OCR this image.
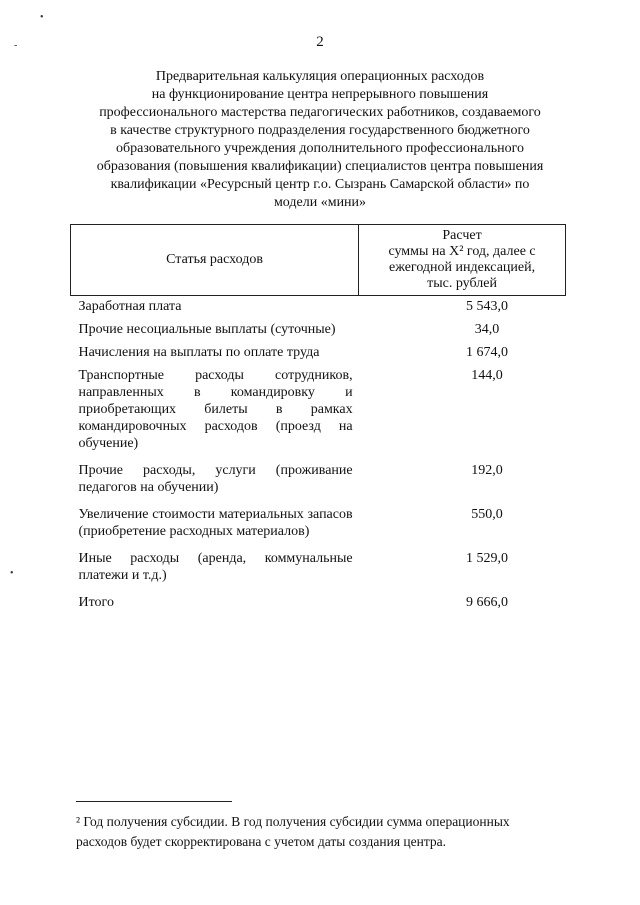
•
-
•
2
Предварительная калькуляция операционных расходов
на функционирование центра непрерывного повышения
профессионального мастерства педагогических работников, создаваемого
в качестве структурного подразделения государственного бюджетного
образовательного учреждения дополнительного профессионального
образования (повышения квалификации) специалистов центра повышения
квалификации «Ресурсный центр г.о. Сызрань Самарской области» по
модели «мини»
Статья расходов	Расчет
суммы на X² год, далее с
ежегодной индексацией,
тыс. рублей

Заработная плата	5 543,0
Прочие несоциальные выплаты (суточные)	34,0
Начисления на выплаты по оплате труда	1 674,0
Транспортные расходы сотрудников, направленных в командировку и приобретающих билеты в рамках командировочных расходов (проезд на обучение)	144,0
Прочие расходы, услуги (проживание педагогов на обучении)	192,0
Увеличение стоимости материальных запасов (приобретение расходных материалов)	550,0
Иные расходы (аренда, коммунальные платежи и т.д.)	1 529,0
Итого	9 666,0
² Год получения субсидии. В год получения субсидии сумма операционных
расходов будет скорректирована с учетом даты создания центра.
